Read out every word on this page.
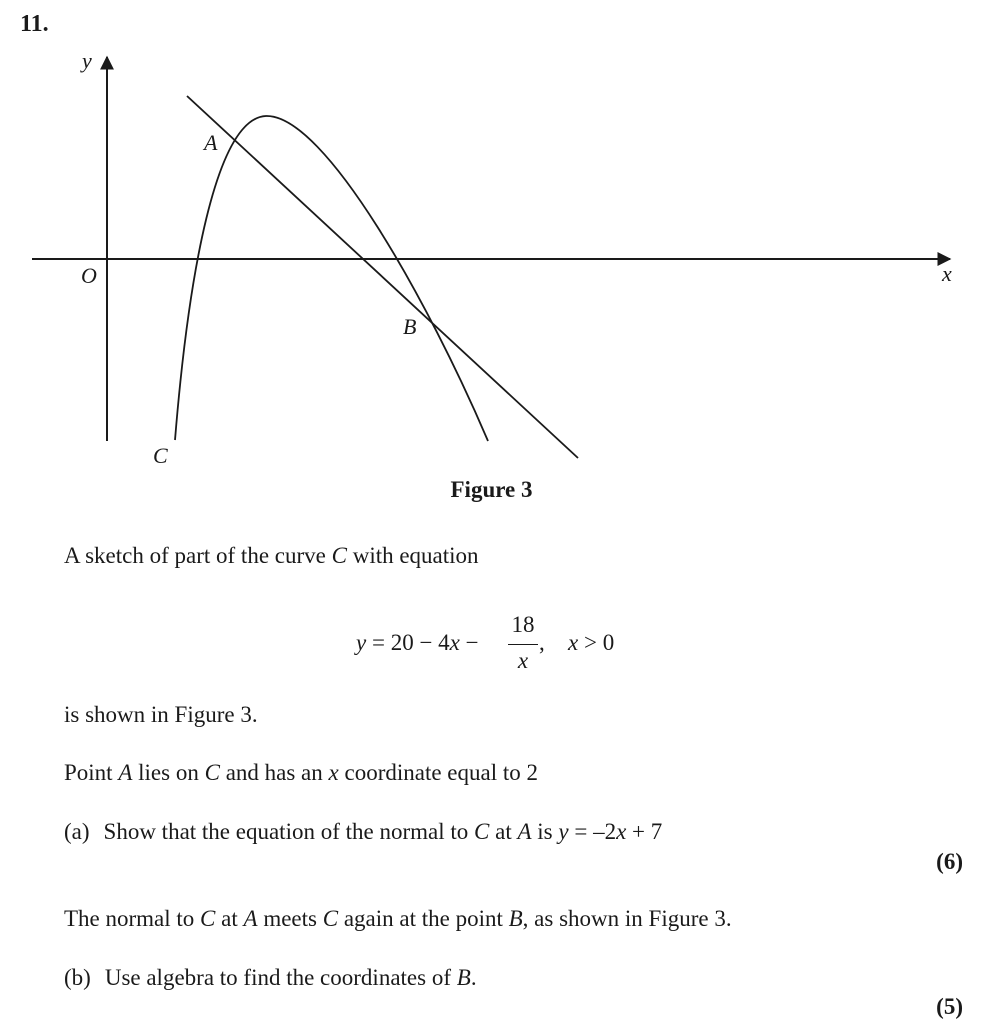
11.
y
x
O
A
B
C
Figure 3
A sketch of part of the curve C with equation
y = 20 − 4x −
18
x
, x > 0
is shown in Figure 3.
Point A lies on C and has an x coordinate equal to 2
(a) Show that the equation of the normal to C at A is y = –2x + 7
(6)
The normal to C at A meets C again at the point B, as shown in Figure 3.
(b) Use algebra to find the coordinates of B.
(5)
